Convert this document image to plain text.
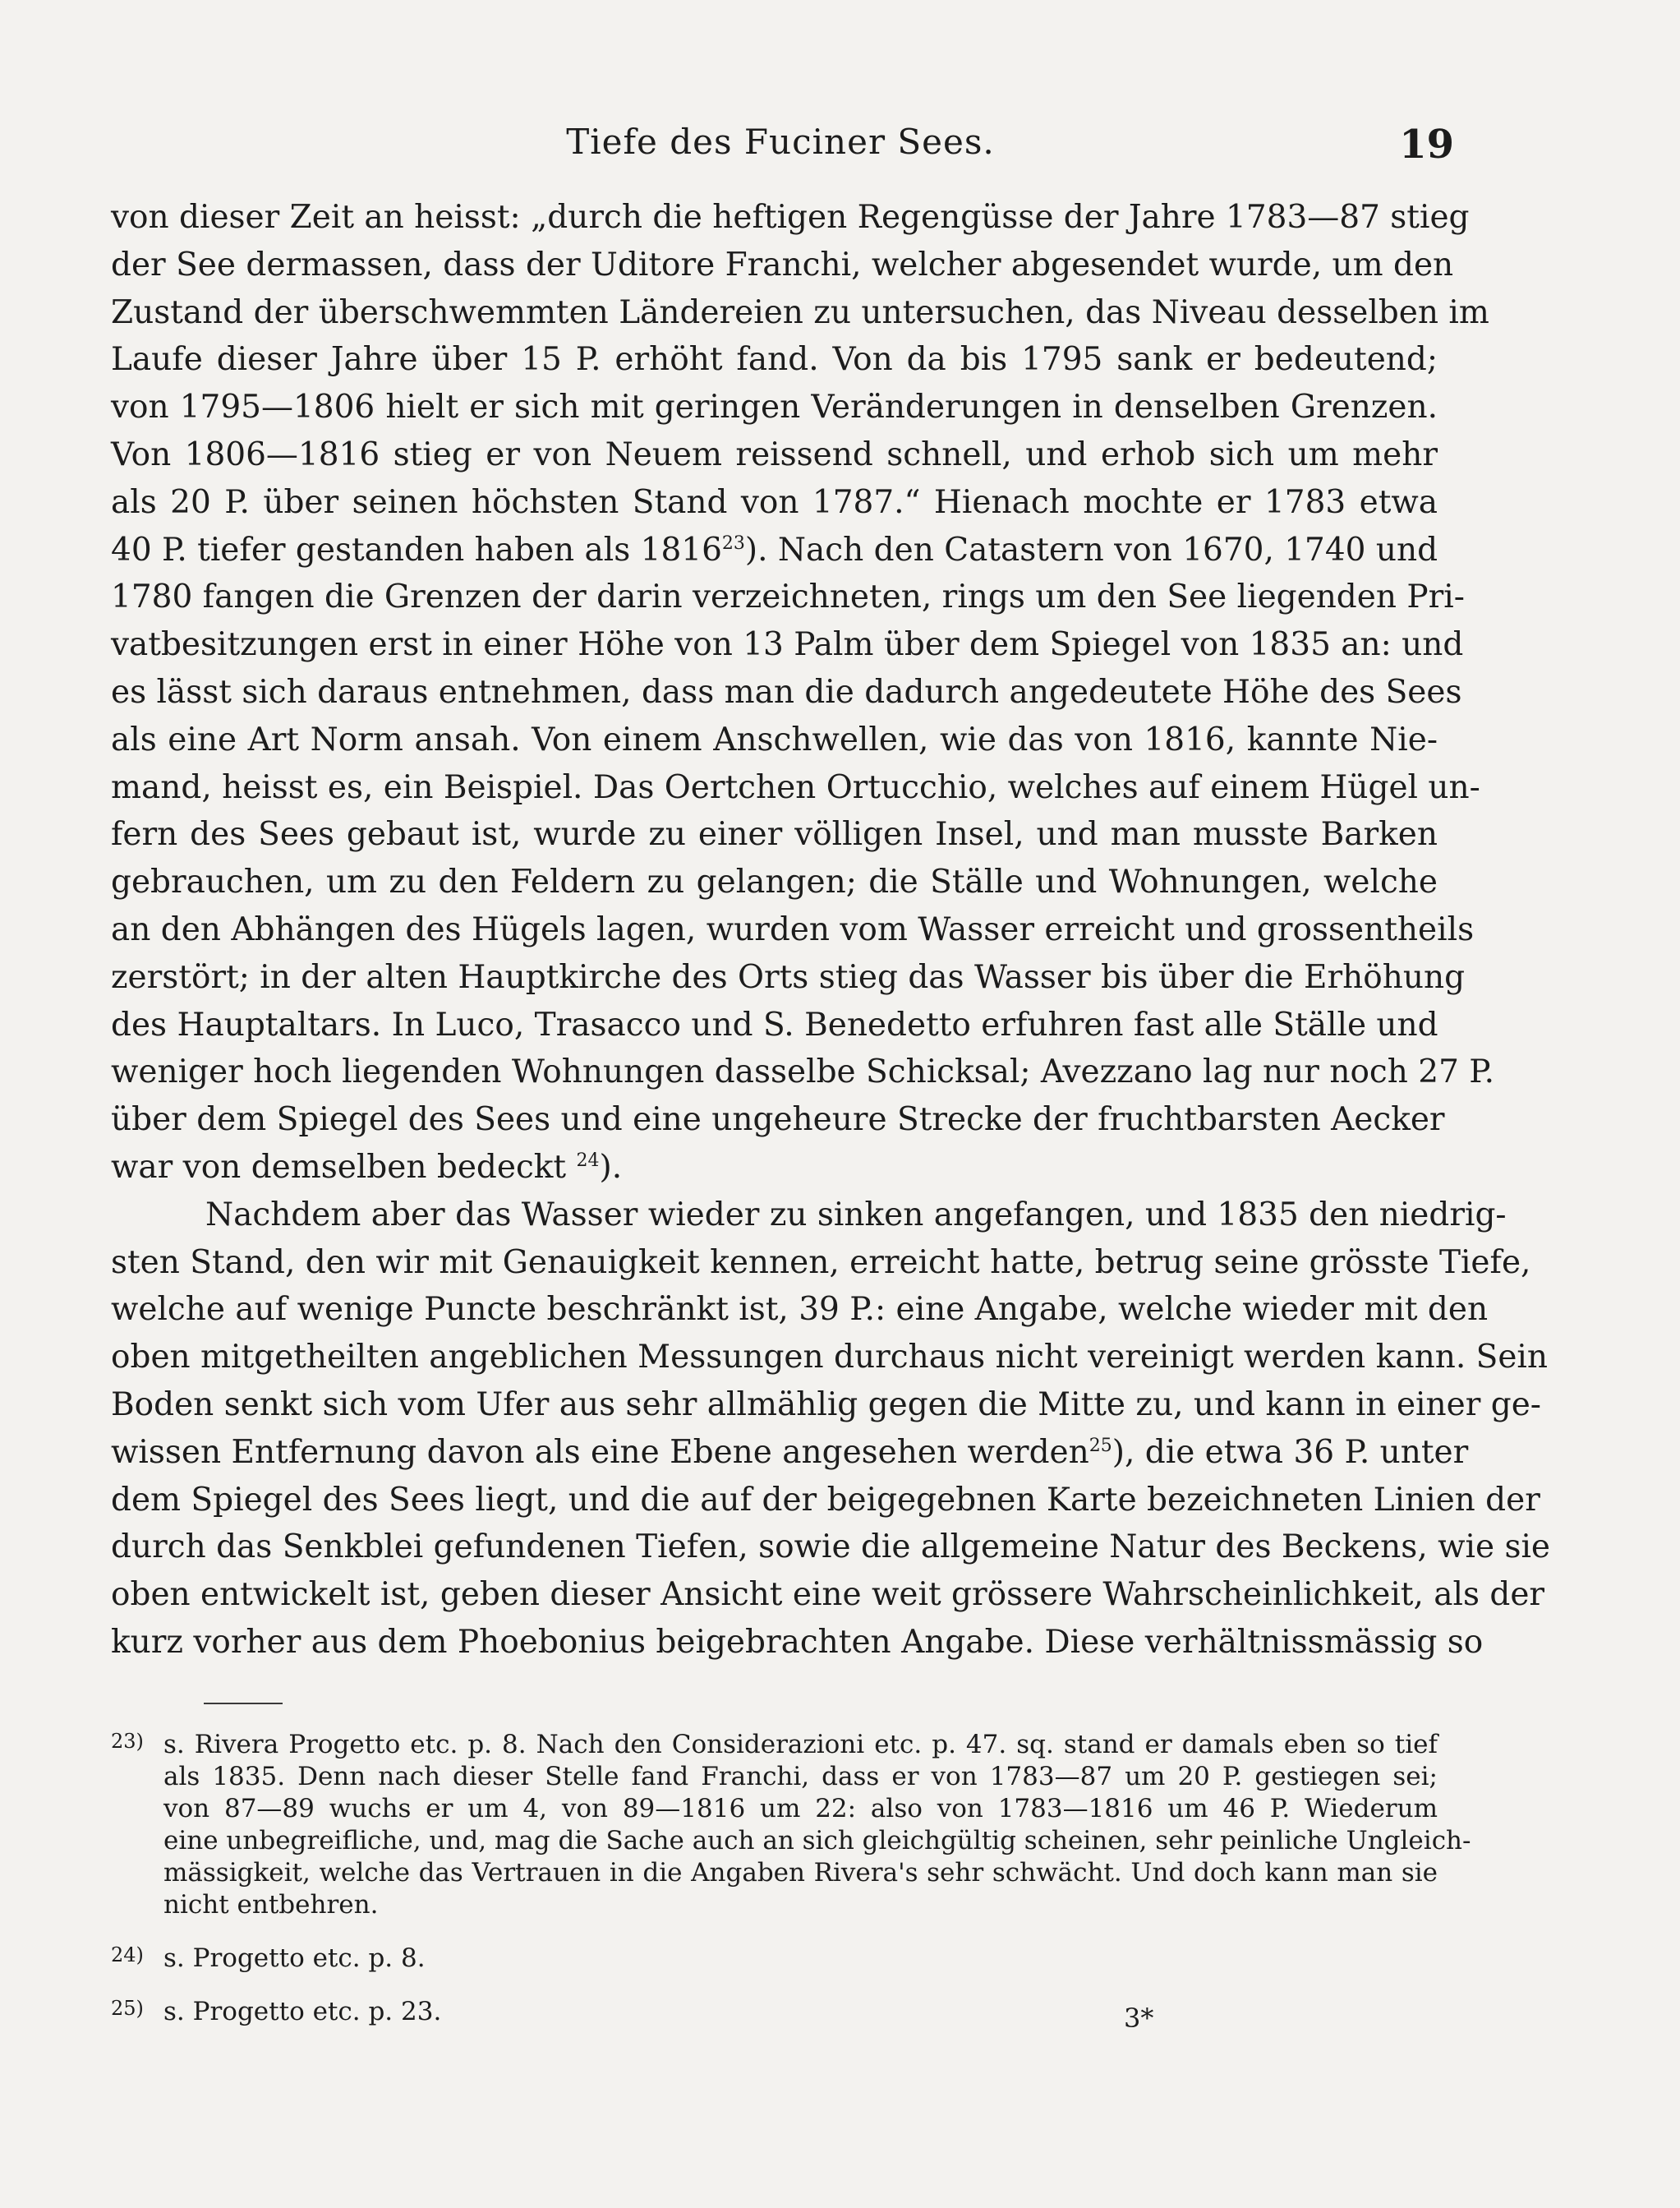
Tiefe des Fuciner Sees.	19
von dieser Zeit an heisst: „durch die heftigen Regengüsse der Jahre 1783—87 stieg
der See dermassen, dass der Uditore Franchi, welcher abgesendet wurde, um den
Zustand der überschwemmten Ländereien zu untersuchen, das Niveau desselben im
Laufe dieser Jahre über 15 P. erhöht fand. Von da bis 1795 sank er bedeutend;
von 1795—1806 hielt er sich mit geringen Veränderungen in denselben Grenzen.
Von 1806—1816 stieg er von Neuem reissend schnell, und erhob sich um mehr
als 20 P. über seinen höchsten Stand von 1787.“ Hienach mochte er 1783 etwa
40 P. tiefer gestanden haben als 1816$^{23}$). Nach den Catastern von 1670, 1740 und
1780 fangen die Grenzen der darin verzeichneten, rings um den See liegenden Pri-
vatbesitzungen erst in einer Höhe von 13 Palm über dem Spiegel von 1835 an: und
es lässt sich daraus entnehmen, dass man die dadurch angedeutete Höhe des Sees
als eine Art Norm ansah. Von einem Anschwellen, wie das von 1816, kannte Nie-
mand, heisst es, ein Beispiel. Das Oertchen Ortucchio, welches auf einem Hügel un-
fern des Sees gebaut ist, wurde zu einer völligen Insel, und man musste Barken
gebrauchen, um zu den Feldern zu gelangen; die Ställe und Wohnungen, welche
an den Abhängen des Hügels lagen, wurden vom Wasser erreicht und grossentheils
zerstört; in der alten Hauptkirche des Orts stieg das Wasser bis über die Erhöhung
des Hauptaltars. In Luco, Trasacco und S. Benedetto erfuhren fast alle Ställe und
weniger hoch liegenden Wohnungen dasselbe Schicksal; Avezzano lag nur noch 27 P.
über dem Spiegel des Sees und eine ungeheure Strecke der fruchtbarsten Aecker
war von demselben bedeckt $^{24}$).
Nachdem aber das Wasser wieder zu sinken angefangen, und 1835 den niedrig-
sten Stand, den wir mit Genauigkeit kennen, erreicht hatte, betrug seine grösste Tiefe,
welche auf wenige Puncte beschränkt ist, 39 P.: eine Angabe, welche wieder mit den
oben mitgetheilten angeblichen Messungen durchaus nicht vereinigt werden kann. Sein
Boden senkt sich vom Ufer aus sehr allmählig gegen die Mitte zu, und kann in einer ge-
wissen Entfernung davon als eine Ebene angesehen werden$^{25}$), die etwa 36 P. unter
dem Spiegel des Sees liegt, und die auf der beigegebnen Karte bezeichneten Linien der
durch das Senkblei gefundenen Tiefen, sowie die allgemeine Natur des Beckens, wie sie
oben entwickelt ist, geben dieser Ansicht eine weit grössere Wahrscheinlichkeit, als der
kurz vorher aus dem Phoebonius beigebrachten Angabe. Diese verhältnissmässig so
23) s. Rivera Progetto etc. p. 8. Nach den Considerazioni etc. p. 47. sq. stand er damals eben so tief
als 1835. Denn nach dieser Stelle fand Franchi, dass er von 1783—87 um 20 P. gestiegen sei;
von 87—89 wuchs er um 4, von 89—1816 um 22: also von 1783—1816 um 46 P. Wiederum
eine unbegreifliche, und, mag die Sache auch an sich gleichgültig scheinen, sehr peinliche Ungleich-
mässigkeit, welche das Vertrauen in die Angaben Rivera's sehr schwächt. Und doch kann man sie
nicht entbehren.
24) s. Progetto etc. p. 8.
25) s. Progetto etc. p. 23.	3*
